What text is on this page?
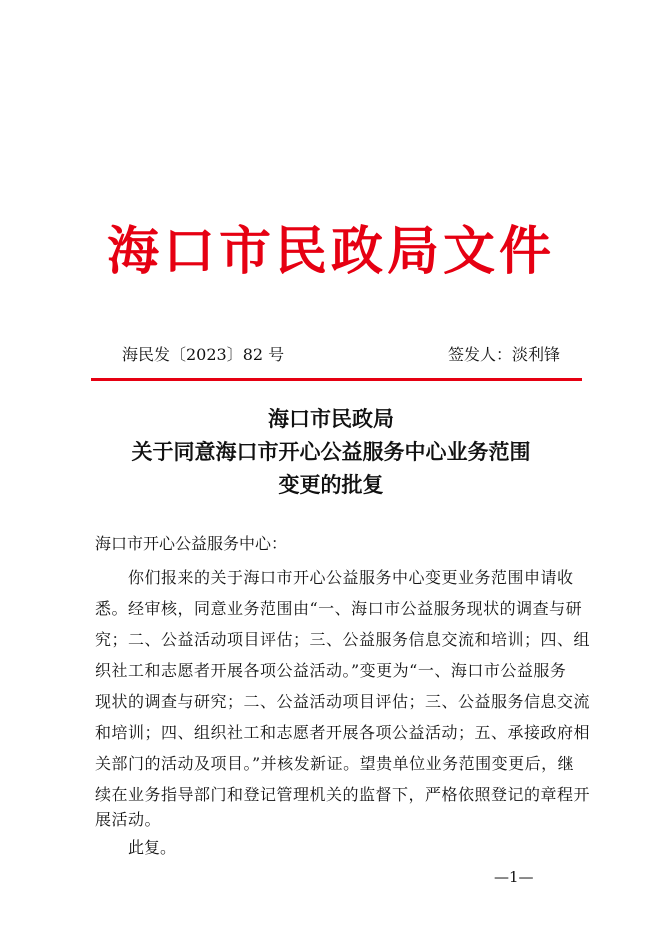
海口市民政局文件
海民发〔2023〕82 号	签发人：淡利锋
海口市民政局
关于同意海口市开心公益服务中心业务范围
变更的批复
海口市开心公益服务中心：
你们报来的关于海口市开心公益服务中心变更业务范围申请收
悉。经审核，同意业务范围由“一、海口市公益服务现状的调查与研
究；二、公益活动项目评估；三、公益服务信息交流和培训；四、组
织社工和志愿者开展各项公益活动。”变更为“一、海口市公益服务
现状的调查与研究；二、公益活动项目评估；三、公益服务信息交流
和培训；四、组织社工和志愿者开展各项公益活动；五、承接政府相
关部门的活动及项目。”并核发新证。望贵单位业务范围变更后，继
续在业务指导部门和登记管理机关的监督下，严格依照登记的章程开
展活动。
此复。
—1—
